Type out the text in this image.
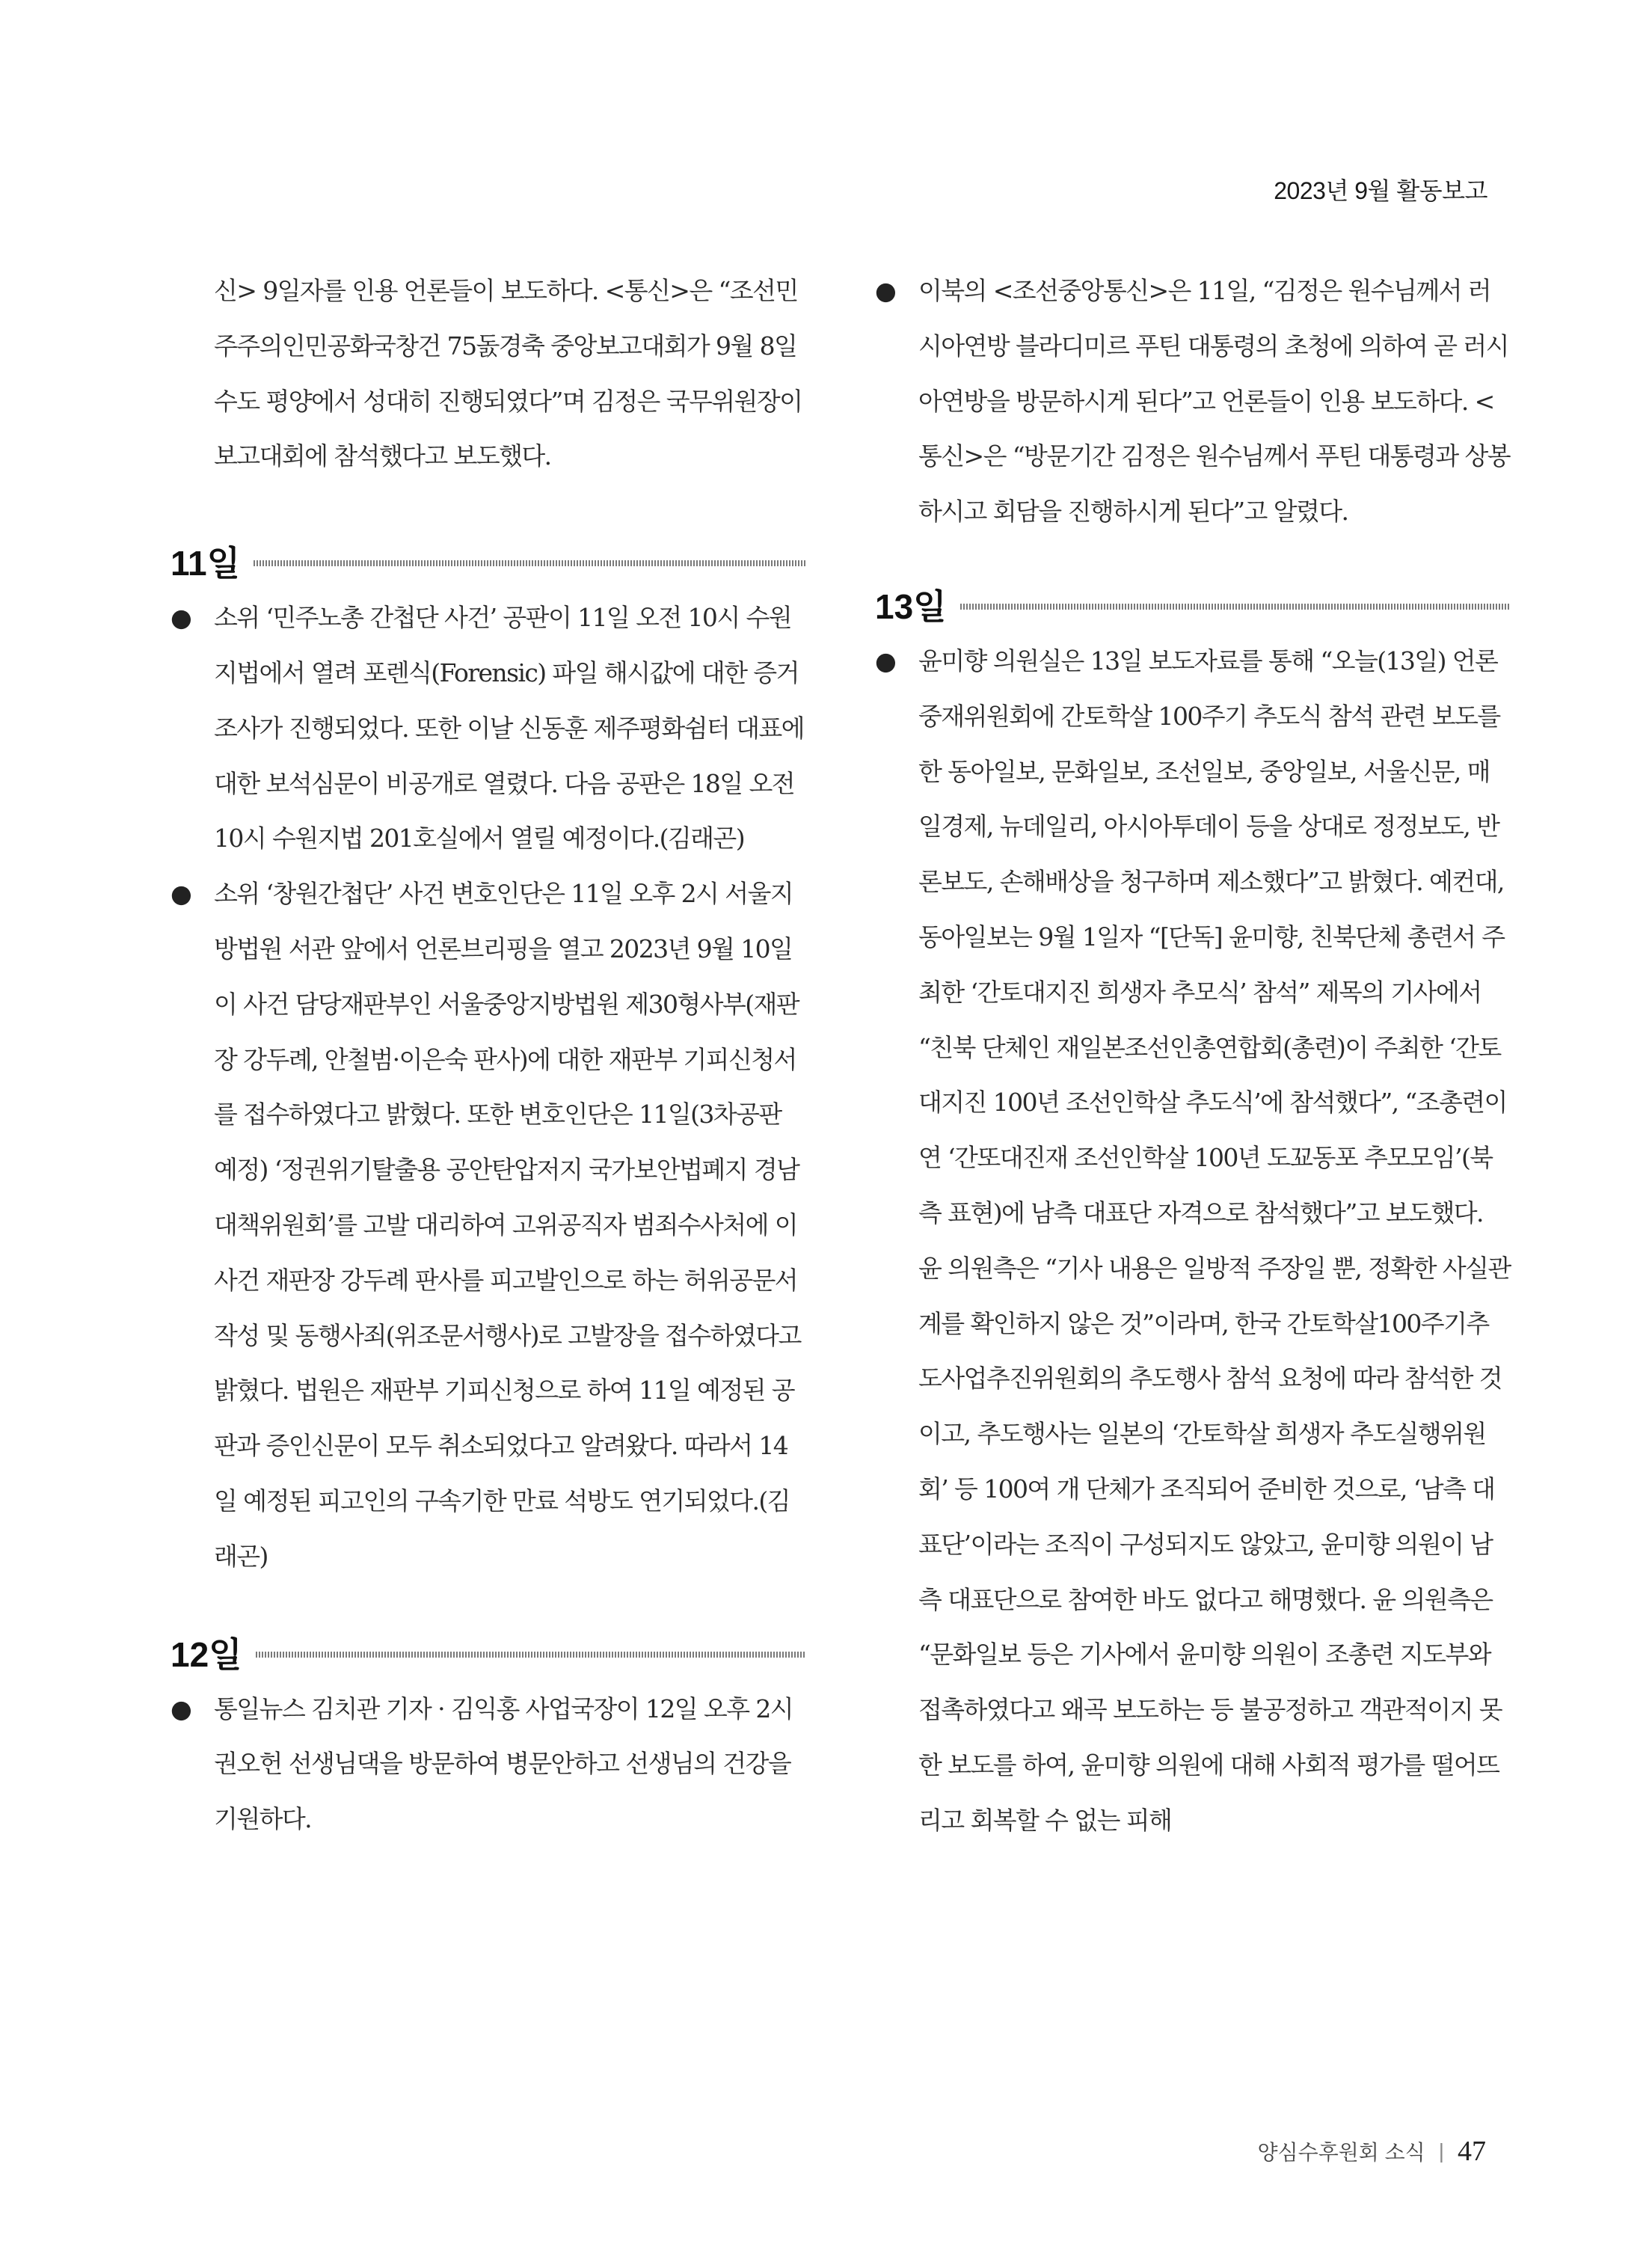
2023년 9월 활동보고

신> 9일자를 인용 언론들이 보도하다. <통신>은 “조선민주주의인민공화국창건 75돐경축 중앙보고대회가 9월 8일 수도 평양에서 성대히 진행되였다”며 김정은 국무위원장이 보고대회에 참석했다고 보도했다.

11일
● 소위 ‘민주노총 간첩단 사건’ 공판이 11일 오전 10시 수원지법에서 열려 포렌식(Forensic) 파일 해시값에 대한 증거조사가 진행되었다. 또한 이날 신동훈 제주평화쉼터 대표에 대한 보석심문이 비공개로 열렸다. 다음 공판은 18일 오전 10시 수원지법 201호실에서 열릴 예정이다.(김래곤)

● 소위 ‘창원간첩단’ 사건 변호인단은 11일 오후 2시 서울지방법원 서관 앞에서 언론브리핑을 열고 2023년 9월 10일 이 사건 담당재판부인 서울중앙지방법원 제30형사부(재판장 강두례, 안철범·이은숙 판사)에 대한 재판부 기피신청서를 접수하였다고 밝혔다. 또한 변호인단은 11일(3차공판 예정) ‘정권위기탈출용 공안탄압저지 국가보안법폐지 경남대책위원회’를 고발 대리하여 고위공직자 범죄수사처에 이 사건 재판장 강두례 판사를 피고발인으로 하는 허위공문서작성 및 동행사죄(위조문서행사)로 고발장을 접수하였다고 밝혔다. 법원은 재판부 기피신청으로 하여 11일 예정된 공판과 증인신문이 모두 취소되었다고 알려왔다. 따라서 14일 예정된 피고인의 구속기한 만료 석방도 연기되었다.(김래곤)

12일
● 통일뉴스 김치관 기자 · 김익홍 사업국장이 12일 오후 2시 권오헌 선생님댁을 방문하여 병문안하고 선생님의 건강을 기원하다.

● 이북의 <조선중앙통신>은 11일, “김정은 원수님께서 러시아연방 블라디미르 푸틴 대통령의 초청에 의하여 곧 러시아연방을 방문하시게 된다”고 언론들이 인용 보도하다. <통신>은 “방문기간 김정은 원수님께서 푸틴 대통령과 상봉하시고 회담을 진행하시게 된다”고 알렸다.

13일
● 윤미향 의원실은 13일 보도자료를 통해 “오늘(13일) 언론중재위원회에 간토학살 100주기 추도식 참석 관련 보도를 한 동아일보, 문화일보, 조선일보, 중앙일보, 서울신문, 매일경제, 뉴데일리, 아시아투데이 등을 상대로 정정보도, 반론보도, 손해배상을 청구하며 제소했다”고 밝혔다. 예컨대, 동아일보는 9월 1일자 “[단독] 윤미향, 친북단체 총련서 주최한 ‘간토대지진 희생자 추모식’ 참석” 제목의 기사에서 “친북 단체인 재일본조선인총연합회(총련)이 주최한 ‘간토대지진 100년 조선인학살 추도식’에 참석했다”, “조총련이 연 ‘간또대진재 조선인학살 100년 도꾜동포 추모모임’(북측 표현)에 남측 대표단 자격으로 참석했다”고 보도했다. 윤 의원측은 “기사 내용은 일방적 주장일 뿐, 정확한 사실관계를 확인하지 않은 것”이라며, 한국 간토학살100주기추도사업추진위원회의 추도행사 참석 요청에 따라 참석한 것이고, 추도행사는 일본의 ‘간토학살 희생자 추도실행위원회’ 등 100여 개 단체가 조직되어 준비한 것으로, ‘남측 대표단’이라는 조직이 구성되지도 않았고, 윤미향 의원이 남측 대표단으로 참여한 바도 없다고 해명했다. 윤 의원측은 “문화일보 등은 기사에서 윤미향 의원이 조총련 지도부와 접촉하였다고 왜곡 보도하는 등 불공정하고 객관적이지 못한 보도를 하여, 윤미향 의원에 대해 사회적 평가를 떨어뜨리고 회복할 수 없는 피해

양심수후원회 소식 | 47
